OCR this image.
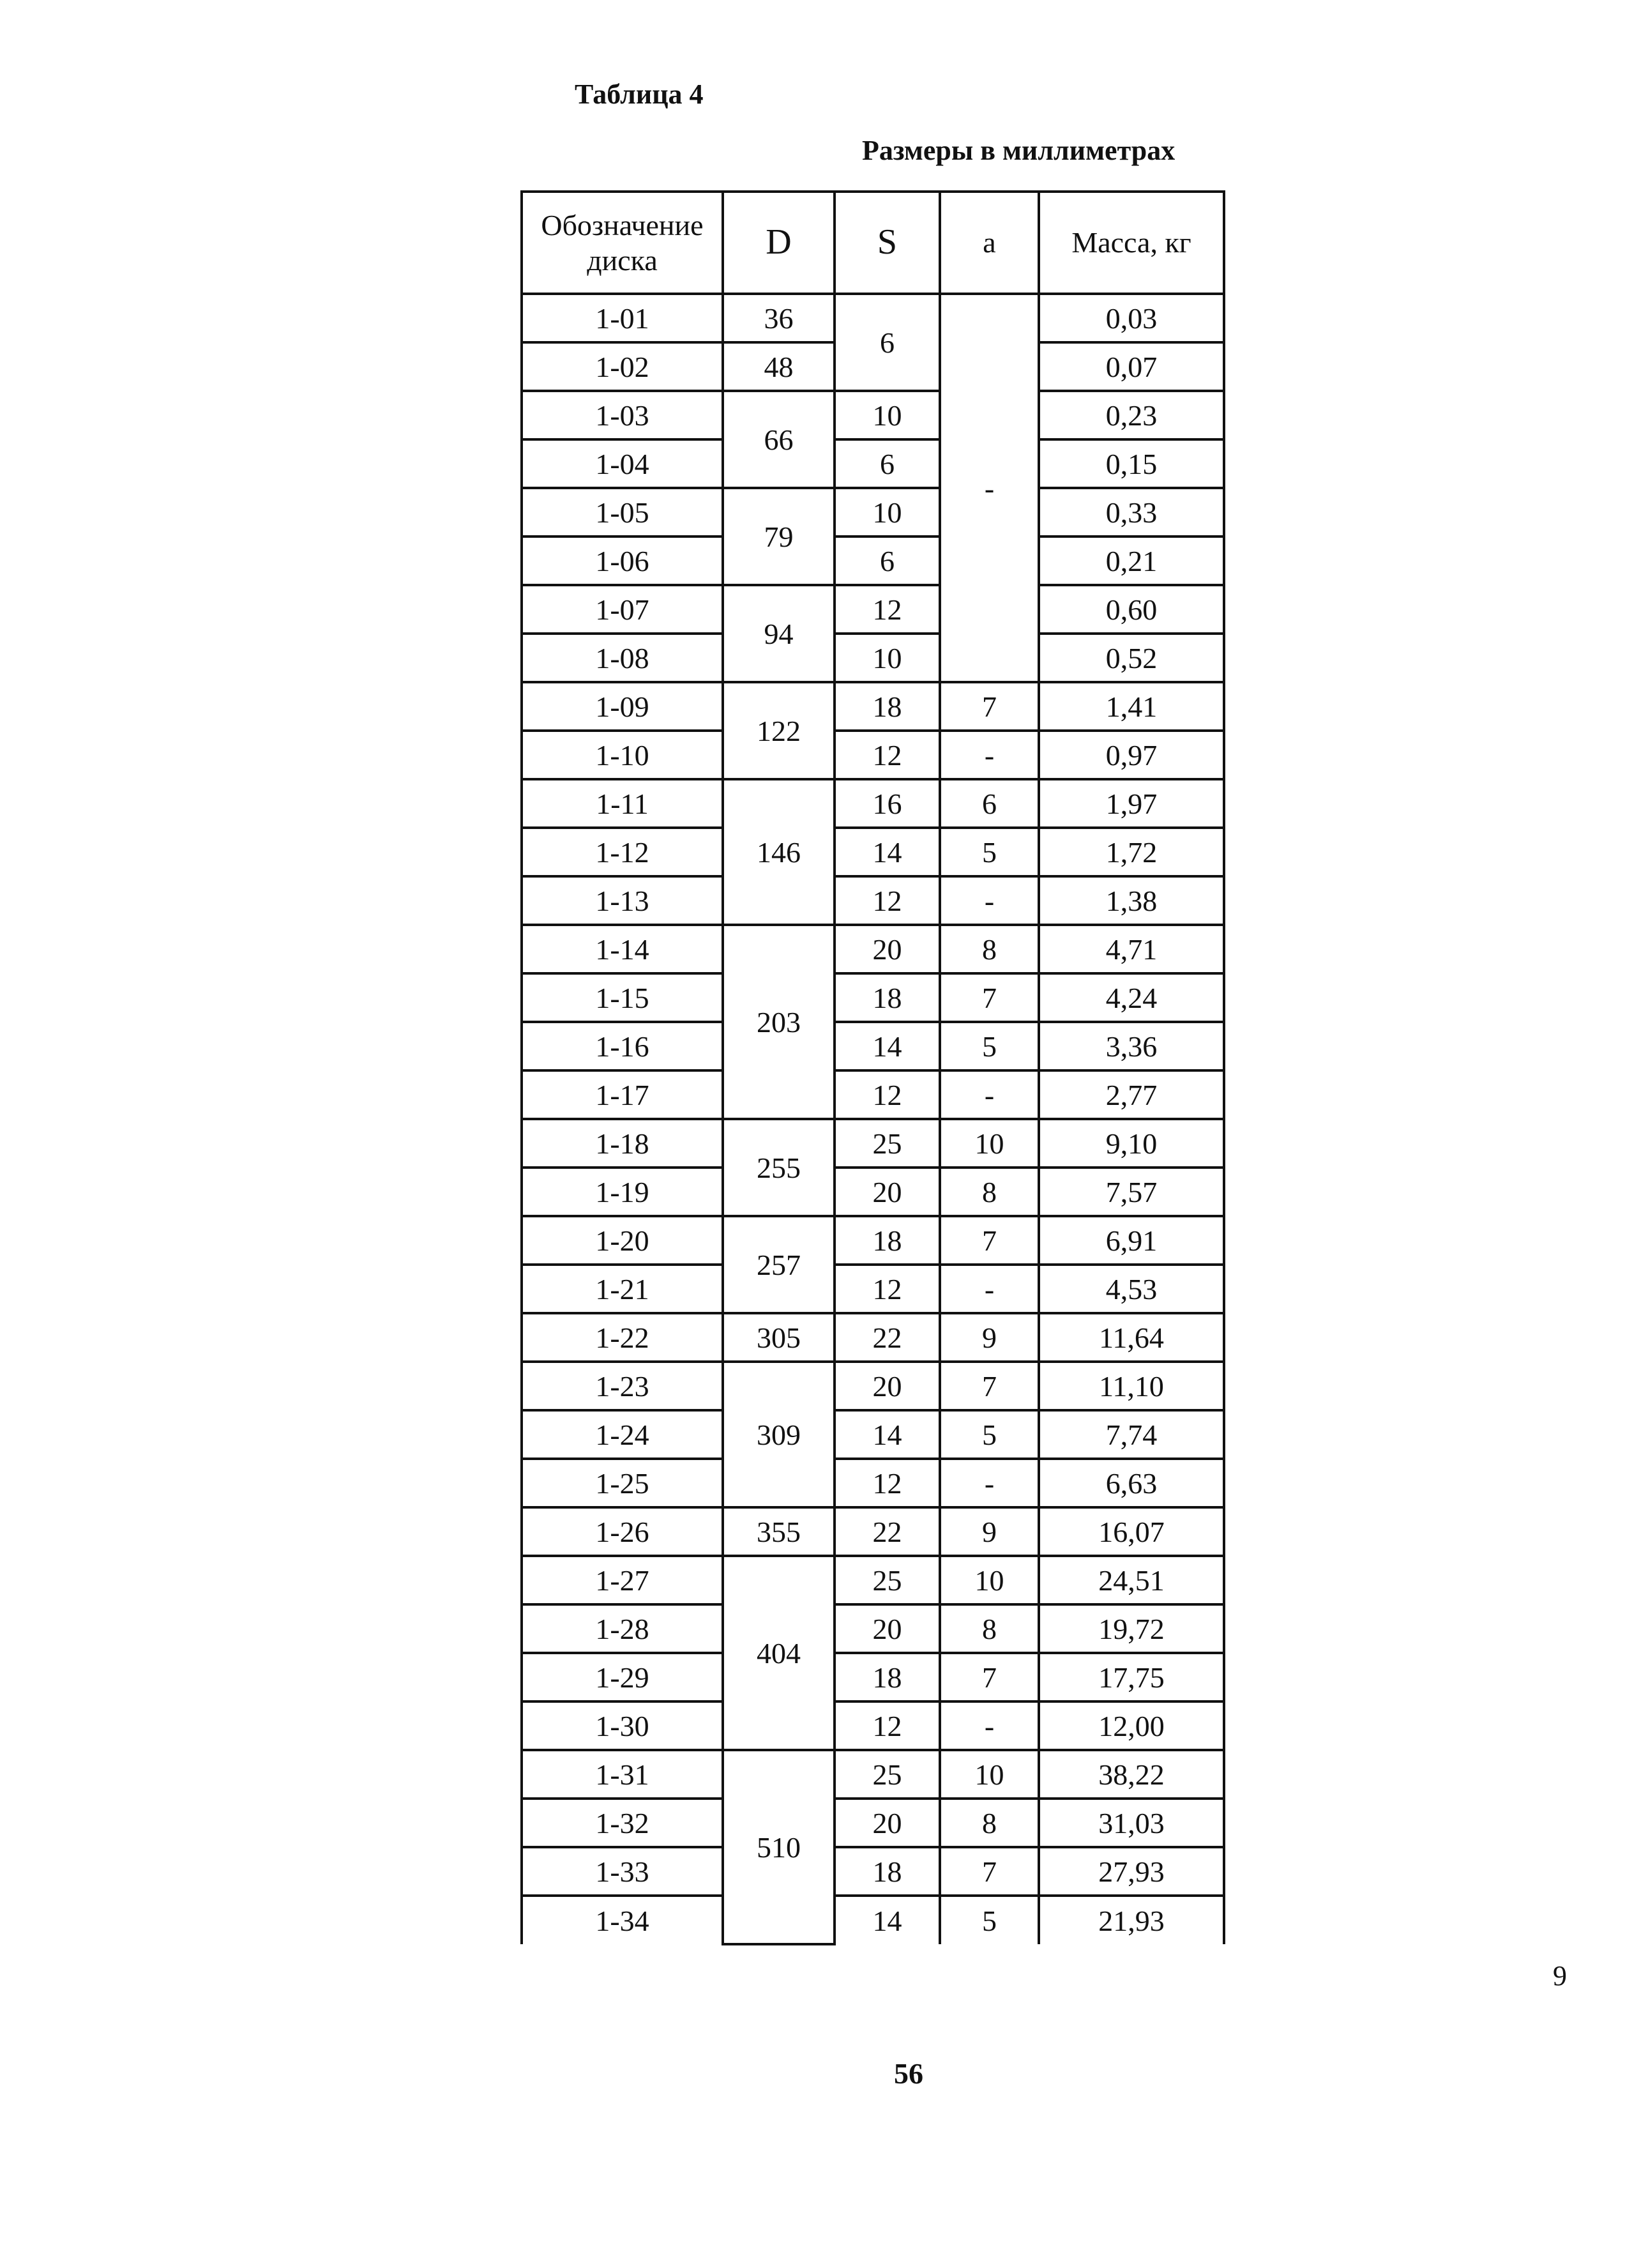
Таблица 4
Размеры в миллиметрах
Обозначение диска	D	S	a	Масса, кг
1-01	36	6	-	0,03
1-02	48			0,07
1-03	66	10		0,23
1-04		6		0,15
1-05	79	10		0,33
1-06		6		0,21
1-07	94	12		0,60
1-08		10		0,52
1-09	122	18	7	1,41
1-10		12	-	0,97
1-11	146	16	6	1,97
1-12		14	5	1,72
1-13		12	-	1,38
1-14	203	20	8	4,71
1-15		18	7	4,24
1-16		14	5	3,36
1-17		12	-	2,77
1-18	255	25	10	9,10
1-19		20	8	7,57
1-20	257	18	7	6,91
1-21		12	-	4,53
1-22	305	22	9	11,64
1-23	309	20	7	11,10
1-24		14	5	7,74
1-25		12	-	6,63
1-26	355	22	9	16,07
1-27	404	25	10	24,51
1-28		20	8	19,72
1-29		18	7	17,75
1-30		12	-	12,00
1-31	510	25	10	38,22
1-32		20	8	31,03
1-33		18	7	27,93
1-34		14	5	21,93
9
56
